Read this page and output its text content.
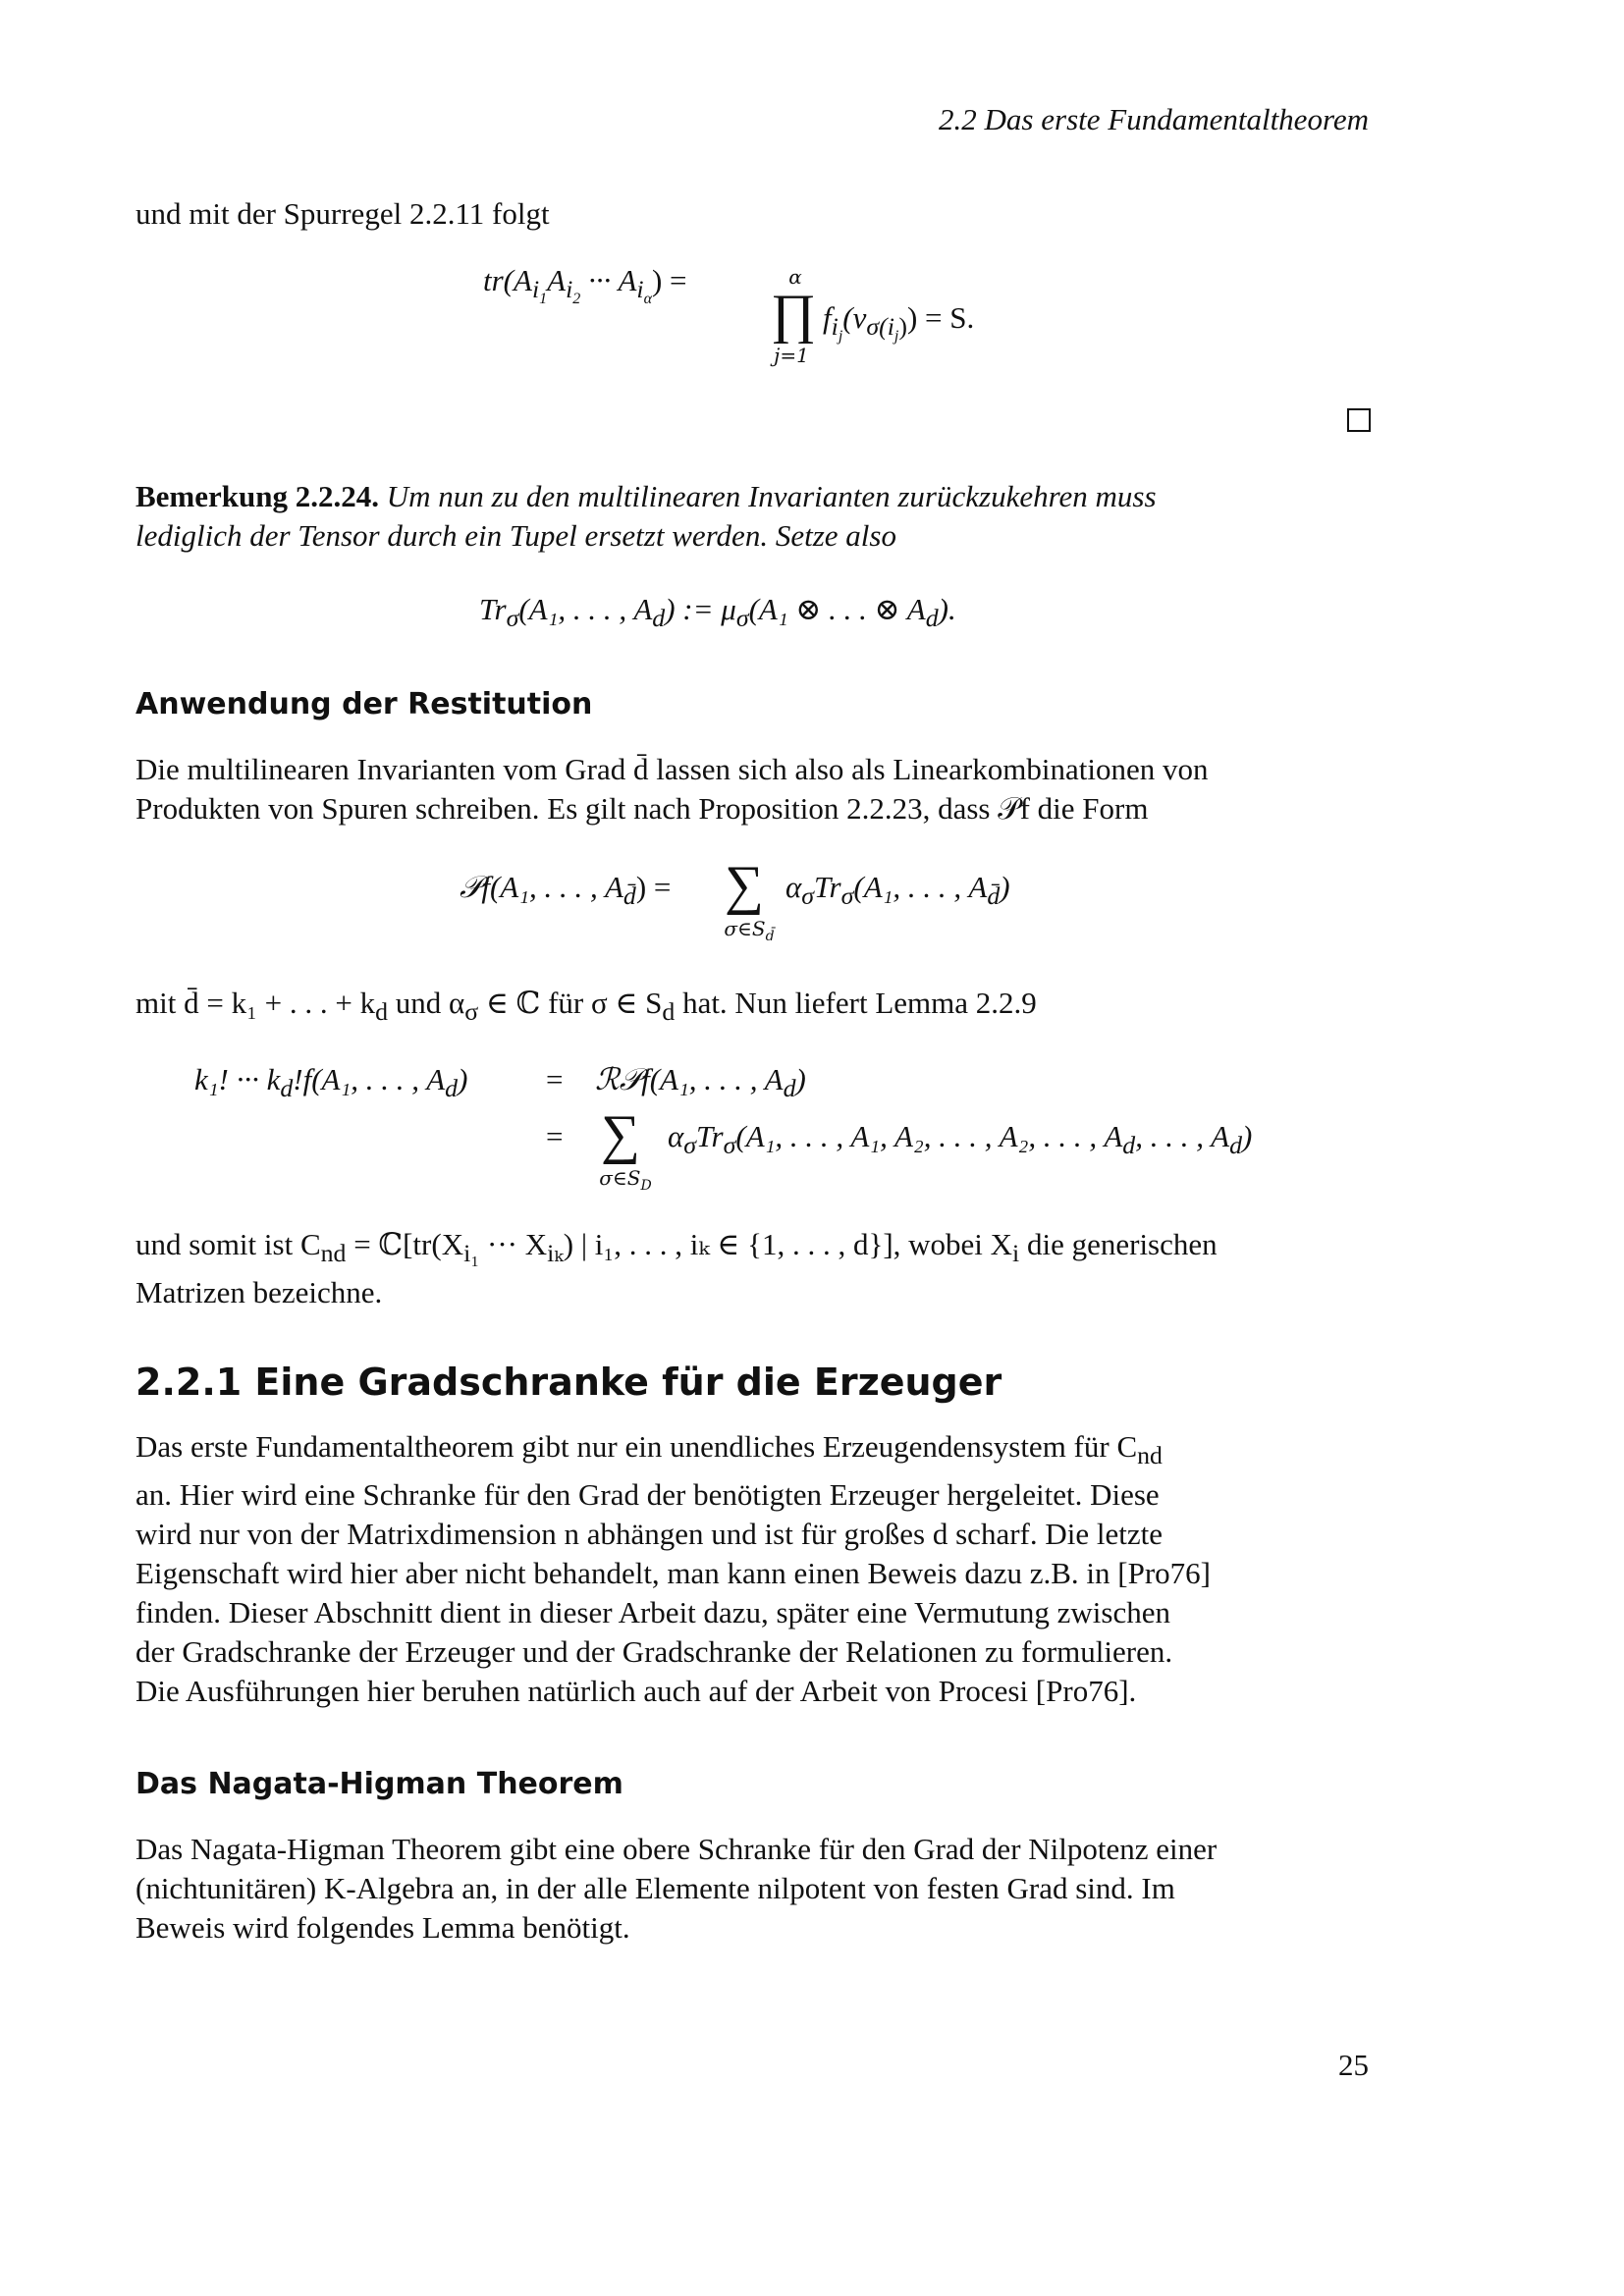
2.2 Das erste Fundamentaltheorem
und mit der Spurregel 2.2.11 folgt
$tr(A_{i_1}A_{i_2}$ ··· $A_{i_\alpha}$) =	α
∏
j=1
$f_{i_j}(v_{\sigma(i_j)}) = S$.
Bemerkung 2.2.24. Um nun zu den multilinearen Invarianten zurückzukehren muss
lediglich der Tensor durch ein Tupel ersetzt werden. Setze also
$Tr_\sigma(A_1$, . . . , $A_d$) := $\mu_\sigma(A_1$ ⊗ . . . ⊗ $A_d$).
Anwendung der Restitution
Die multilinearen Invarianten vom Grad d̄ lassen sich also als Linearkombinationen von
Produkten von Spuren schreiben. Es gilt nach Proposition 2.2.23, dass 𝒫f die Form
𝒫f(A₁, . . . , $A_{d̄}$) = ∑
$\sigma\in S_{d̄}$
$\alpha_\sigma Tr_\sigma(A_1$, . . . , $A_{d̄}$)
mit d̄ = k₁ + . . . + $k_d$ und $\alpha_\sigma$ ∈ ℂ für σ ∈ $S_d$ hat. Nun liefert Lemma 2.2.9
k₁! ··· $k_d!f(A_1$, . . . , $A_d$)	= ℛ𝒫f(A₁, . . . , $A_d$)
= ∑
$\sigma\in S_D$
$\alpha_\sigma Tr_\sigma(A_1$, . . . , A₁, A₂, . . . , A₂, . . . , $A_d$, . . . , $A_d$)
und somit ist $C_{nd}$ = $ℂ[tr(X_{i_1}$ ··· $X_{i_k}$) | i₁, . . . , iₖ ∈ {1, . . . , d}], wobei $X_i$ die generischen
Matrizen bezeichne.
2.2.1 Eine Gradschranke für die Erzeuger
Das erste Fundamentaltheorem gibt nur ein unendliches Erzeugendensystem für $C_{nd}$
an. Hier wird eine Schranke für den Grad der benötigten Erzeuger hergeleitet. Diese
wird nur von der Matrixdimension n abhängen und ist für großes d scharf. Die letzte
Eigenschaft wird hier aber nicht behandelt, man kann einen Beweis dazu z.B. in [Pro76]
finden. Dieser Abschnitt dient in dieser Arbeit dazu, später eine Vermutung zwischen
der Gradschranke der Erzeuger und der Gradschranke der Relationen zu formulieren.
Die Ausführungen hier beruhen natürlich auch auf der Arbeit von Procesi [Pro76].
Das Nagata-Higman Theorem
Das Nagata-Higman Theorem gibt eine obere Schranke für den Grad der Nilpotenz einer
(nichtunitären) K-Algebra an, in der alle Elemente nilpotent von festen Grad sind. Im
Beweis wird folgendes Lemma benötigt.
25
